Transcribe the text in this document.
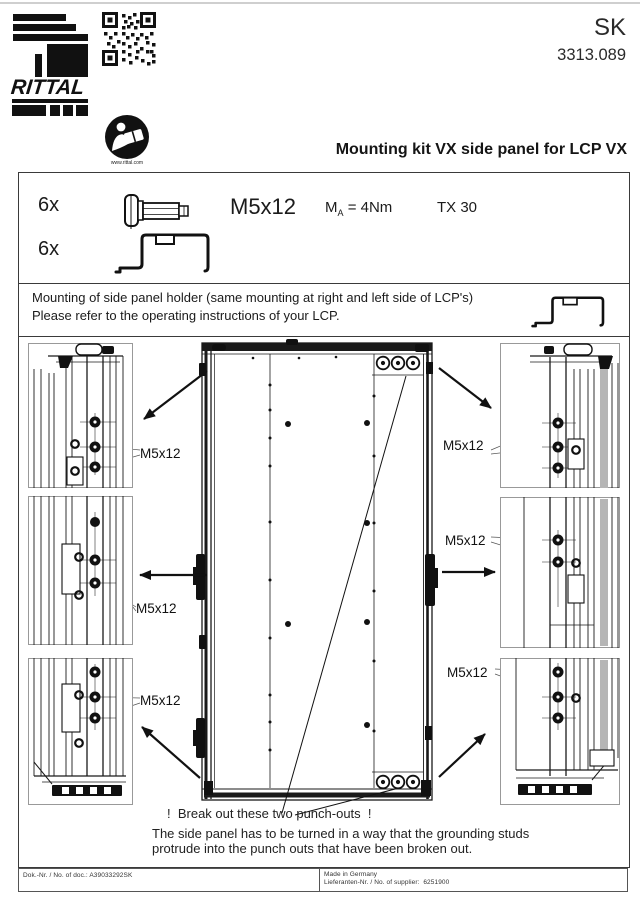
RITTAL
www.rittal.com
SK
3313.089
Mounting kit VX side panel for LCP VX
6x	M5x12 $M_A = 4Nm$	TX 30
6x
Mounting of side panel holder (same mounting at right and left side of LCP's)
Please refer to the operating instructions of your LCP.
M5x12
M5x12
M5x12
M5x12
M5x12
M5x12
!  Break out these two punch-outs  !
The side panel has to be turned in a way that the grounding studs
protrude into the punch outs that have been broken out.
Dok.-Nr. / No. of doc.: A39033292SK	Made in Germany
Lieferanten-Nr. / No. of supplier: 6251900
